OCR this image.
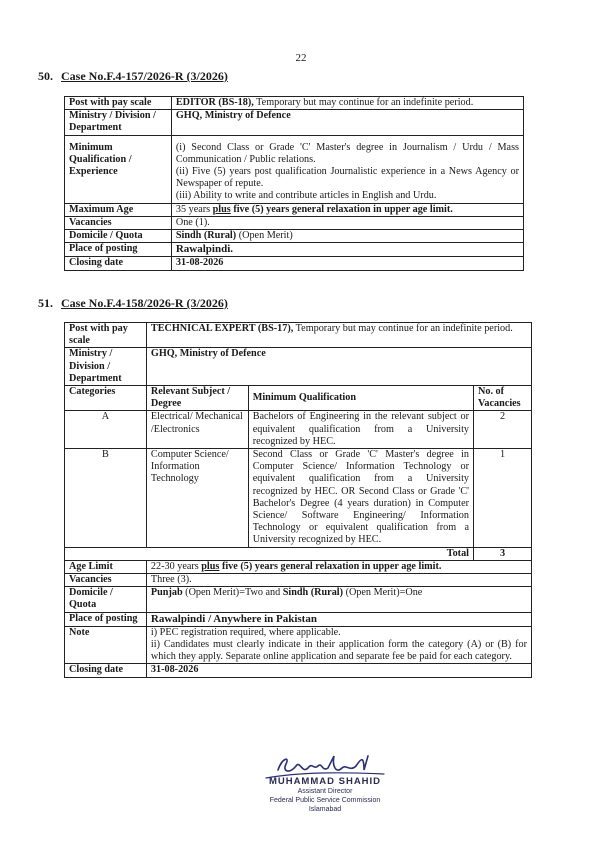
22
50. Case No.F.4-157/2026-R (3/2026)
Post with pay scale	EDITOR (BS-18), Temporary but may continue for an indefinite period.
Ministry / Division / Department	GHQ, Ministry of Defence
Minimum Qualification / Experience	(i) Second Class or Grade 'C' Master's degree in Journalism / Urdu / Mass Communication / Public relations.
(ii) Five (5) years post qualification Journalistic experience in a News Agency or Newspaper of repute.
(iii) Ability to write and contribute articles in English and Urdu.

Maximum Age	35 years plus five (5) years general relaxation in upper age limit.
Vacancies	One (1).
Domicile / Quota	Sindh (Rural) (Open Merit)
Place of posting	Rawalpindi.
Closing date	31-08-2026
51. Case No.F.4-158/2026-R (3/2026)
Post with pay scale	TECHNICAL EXPERT (BS-17), Temporary but may continue for an indefinite period.		
Ministry / Division / Department	GHQ, Ministry of Defence		
Categories	Relevant Subject / Degree	Minimum Qualification	No. of Vacancies
A	Electrical/ Mechanical /Electronics	Bachelors of Engineering in the relevant subject or equivalent qualification from a University recognized by HEC.	2
B	Computer Science/ Information Technology	Second Class or Grade 'C' Master's degree in Computer Science/ Information Technology or equivalent qualification from a University recognized by HEC. OR Second Class or Grade 'C' Bachelor's Degree (4 years duration) in Computer Science/ Software Engineering/ Information Technology or equivalent qualification from a University recognized by HEC.	1
Total			3
Age Limit	22-30 years plus five (5) years general relaxation in upper age limit.		
Vacancies	Three (3).		
Domicile / Quota	Punjab (Open Merit)=Two and Sindh (Rural) (Open Merit)=One		
Place of posting	Rawalpindi / Anywhere in Pakistan		
Note	i) PEC registration required, where applicable.
ii) Candidates must clearly indicate in their application form the category (A) or (B) for which they apply. Separate online application and separate fee be paid for each category.		

Closing date	31-08-2026		
MUHAMMAD SHAHID
Assistant Director
Federal Public Service Commission
Islamabad
